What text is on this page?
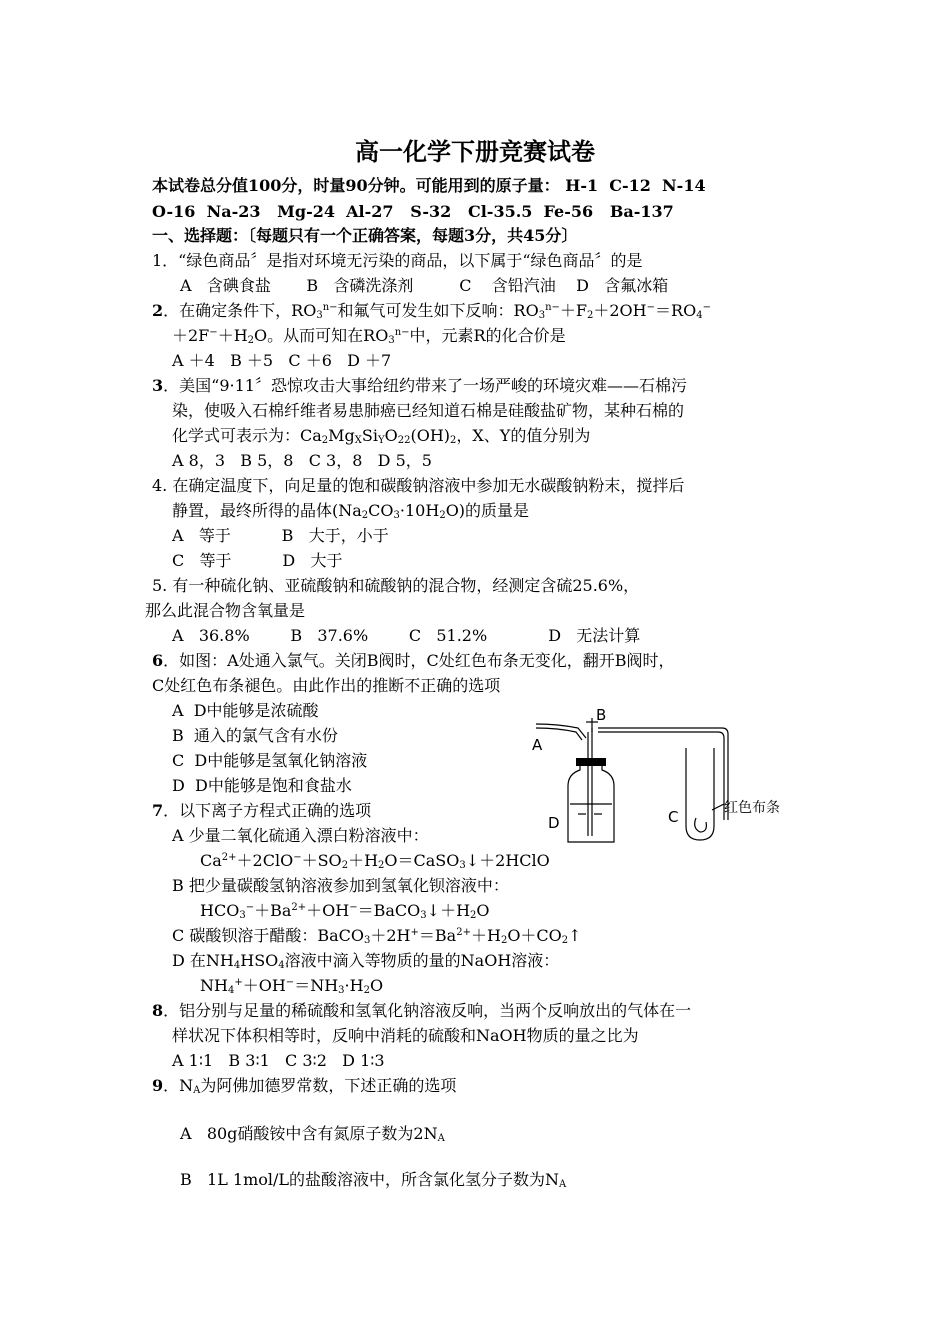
高一化学下册竞赛试卷
本试卷总分值100分，时量90分钟。可能用到的原子量： H-1  C-12  N-14
O-16  Na-23   Mg-24  Al-27   S-32   Cl-35.5  Fe-56   Ba-137
一、选择题：〔每题只有一个正确答案，每题3分，共45分〕
1．“绿色商品〞是指对环境无污染的商品，以下属于“绿色商品〞的是
A   含碘食盐       B   含磷洗涤剂         C    含铅汽油    D   含氟冰箱
2．在确定条件下，$RO_3^{n-}$和氟气可发生如下反响：$RO_3^{n-}+F_2+2OH^-=RO_4^-$
$+2F^-+H_2O$。从而可知在$RO_3^{n-}$中，元素R的化合价是
A ＋4   B ＋5   C ＋6   D ＋7
3．美国“9·11〞恐惊攻击大事给纽约带来了一场严峻的环境灾难——石棉污
染，使吸入石棉纤维者易患肺癌已经知道石棉是硅酸盐矿物，某种石棉的
化学式可表示为：$Ca_2Mg_XSi_YO_{22}(OH)_2$，X、Y的值分别为
A 8，3   B 5，8   C 3，8   D 5，5
4. 在确定温度下，向足量的饱和碳酸钠溶液中参加无水碳酸钠粉末，搅拌后
静置，最终所得的晶体$(Na_2CO_3\cdot 10H_2O)$的质量是
A   等于          B   大于，小于
C   等于          D   大于
5. 有一种硫化钠、亚硫酸钠和硫酸钠的混合物，经测定含硫25.6%，
那么此混合物含氧量是
A   36.8%        B   37.6%        C   51.2%            D   无法计算
6．如图：A处通入氯气。关闭B阀时，C处红色布条无变化，翻开B阀时，
C处红色布条褪色。由此作出的推断不正确的选项
A  D中能够是浓硫酸
B  通入的氯气含有水份
C  D中能够是氢氧化钠溶液
D  D中能够是饱和食盐水
A
B
C
D
红色布条
7．以下离子方程式正确的选项
A 少量二氧化硫通入漂白粉溶液中：
$Ca^{2+}+2ClO^-+SO_2+H_2O=CaSO_3↓+2HClO$
B 把少量碳酸氢钠溶液参加到氢氧化钡溶液中：
$HCO_3^-+Ba^{2+}+OH^-=BaCO_3↓+H_2O$
C 碳酸钡溶于醋酸：$BaCO_3+2H^+=Ba^{2+}+H_2O+CO_2↑$
D 在$NH_4HSO_4$溶液中滴入等物质的量的NaOH溶液：
$NH_4^++OH^-=NH_3\cdot H_2O$
8．铝分别与足量的稀硫酸和氢氧化钠溶液反响，当两个反响放出的气体在一
样状况下体积相等时，反响中消耗的硫酸和NaOH物质的量之比为
A 1∶1   B 3∶1   C 3∶2   D 1∶3
9．$N_A$为阿佛加德罗常数，下述正确的选项
A   80g硝酸铵中含有氮原子数为$2N_A$
B   1L 1mol/L的盐酸溶液中，所含氯化氢分子数为$N_A$
